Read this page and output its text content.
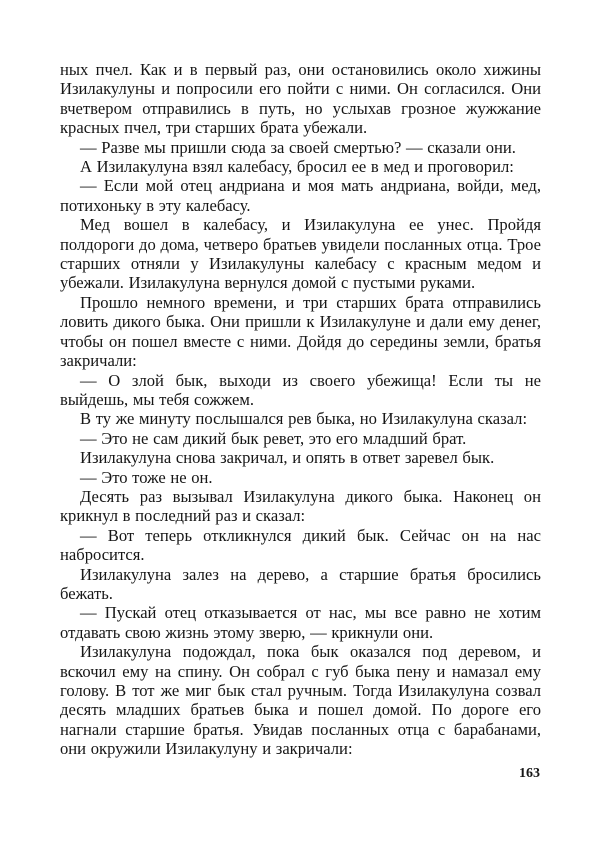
ных пчел. Как и в первый раз, они остановились около хижины Изилакулуны и попросили его пойти с ними. Он согласился. Они вчетвером отправились в путь, но услыхав грозное жужжание красных пчел, три старших брата убежали.

— Разве мы пришли сюда за своей смертью? — сказали они.

А Изилакулуна взял калебасу, бросил ее в мед и проговорил:

— Если мой отец андриана и моя мать андриана, войди, мед, потихоньку в эту калебасу.

Мед вошел в калебасу, и Изилакулуна ее унес. Пройдя полдороги до дома, четверо братьев увидели посланных отца. Трое старших отняли у Изилакулуны калебасу с красным медом и убежали. Изилакулуна вернулся домой с пустыми руками.

Прошло немного времени, и три старших брата отправились ловить дикого быка. Они пришли к Изилакулуне и дали ему денег, чтобы он пошел вместе с ними. Дойдя до середины земли, братья закричали:

— О злой бык, выходи из своего убежища! Если ты не выйдешь, мы тебя сожжем.

В ту же минуту послышался рев быка, но Изилакулуна сказал:

— Это не сам дикий бык ревет, это его младший брат.

Изилакулуна снова закричал, и опять в ответ заревел бык.

— Это тоже не он.

Десять раз вызывал Изилакулуна дикого быка. Наконец он крикнул в последний раз и сказал:

— Вот теперь откликнулся дикий бык. Сейчас он на нас набросится.

Изилакулуна залез на дерево, а старшие братья бросились бежать.

— Пускай отец отказывается от нас, мы все равно не хотим отдавать свою жизнь этому зверю, — крикнули они.

Изилакулуна подождал, пока бык оказался под деревом, и вскочил ему на спину. Он собрал с губ быка пену и намазал ему голову. В тот же миг бык стал ручным. Тогда Изилакулуна созвал десять младших братьев быка и пошел домой. По дороге его нагнали старшие братья. Увидав посланных отца с барабанами, они окружили Изилакулуну и закричали:

163
